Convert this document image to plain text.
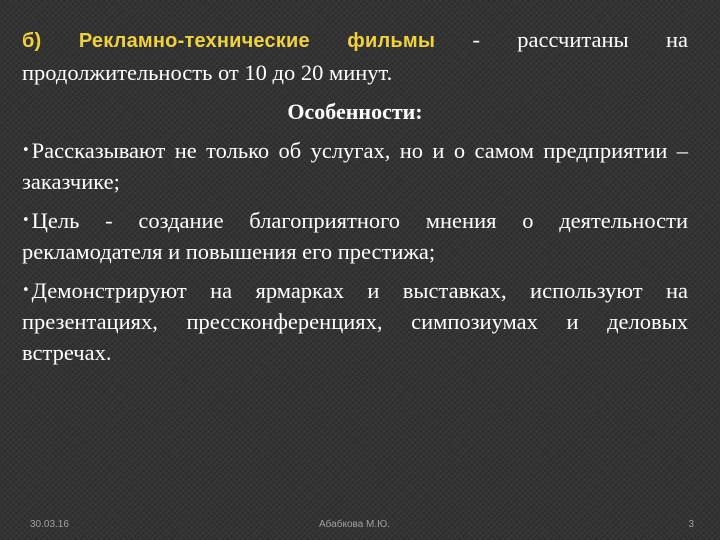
б) Рекламно-технические фильмы - рассчитаны на продолжительность от 10 до 20 минут.

Особенности:
•Рассказывают не только об услугах, но и о самом предприятии – заказчике;
•Цель - создание благоприятного мнения о деятельности рекламодателя и повышения его престижа;
•Демонстрируют на ярмарках и выставках, используют на презентациях, прессконференциях, симпозиумах и деловых встречах.
30.03.16	Абабкова М.Ю.	3
